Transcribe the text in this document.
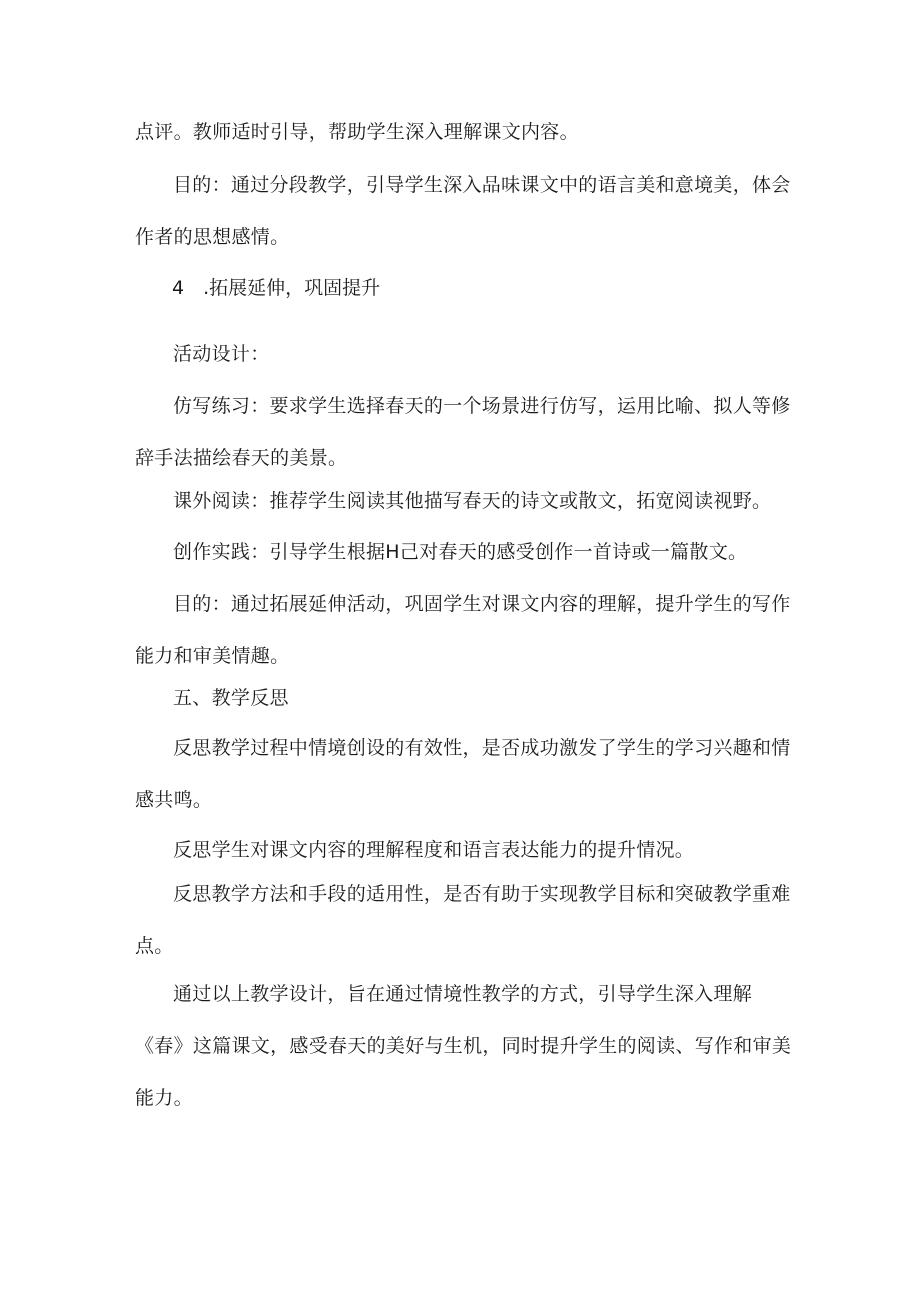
点评。教师适时引导，帮助学生深入理解课文内容。

目的：通过分段教学，引导学生深入品味课文中的语言美和意境美，体会作者的思想感情。

4　.拓展延伸，巩固提升

活动设计：

仿写练习：要求学生选择春天的一个场景进行仿写，运用比喻、拟人等修辞手法描绘春天的美景。

课外阅读：推荐学生阅读其他描写春天的诗文或散文，拓宽阅读视野。

创作实践：引导学生根据H己对春天的感受创作一首诗或一篇散文。

目的：通过拓展延伸活动，巩固学生对课文内容的理解，提升学生的写作能力和审美情趣。

五、教学反思

反思教学过程中情境创设的有效性，是否成功激发了学生的学习兴趣和情感共鸣。

反思学生对课文内容的理解程度和语言表达能力的提升情况。

反思教学方法和手段的适用性，是否有助于实现教学目标和突破教学重难点。

通过以上教学设计，旨在通过情境性教学的方式，引导学生深入理解《春》这篇课文，感受春天的美好与生机，同时提升学生的阅读、写作和审美能力。
